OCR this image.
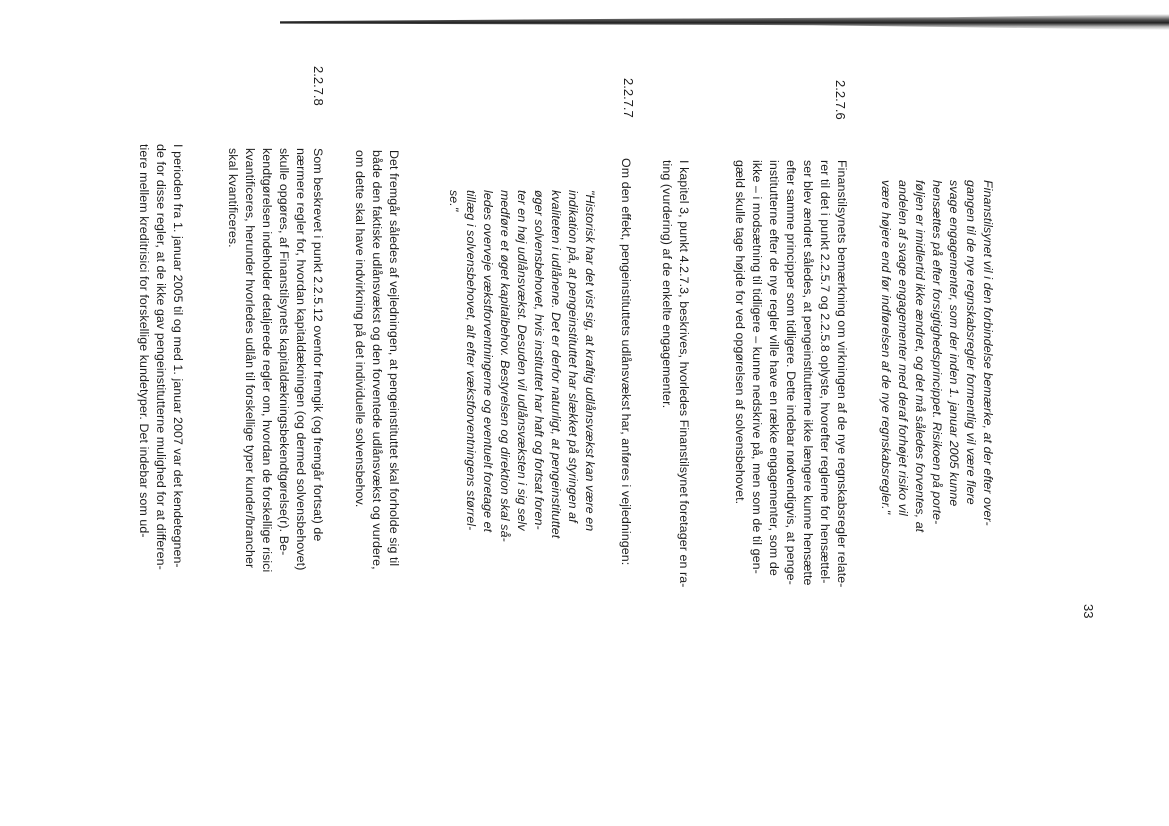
33
2.2.7.6
2.2.7.7
2.2.7.8

Finanstilsynet vil i den forbindelse bemærke, at der efter over-

gangen til de nye regnskabsregler formentlig vil være flere

svage engagementer, som der inden 1. januar 2005 kunne

hensættes på efter forsigtighedsprincippet. Risikoen på porte-

føljen er imidlertid ikke ændret, og det må således forventes, at

andelen af svage engagementer med deraf forhøjet risiko vil

være højere end før indførelsen af de nye regnskabsregler."

Finanstilsynets bemærkning om virkningen af de nye regnskabsregler relate-

rer til det i punkt 2.2.5.7 og 2.2.5.8 oplyste, hvorefter reglerne for hensættel-

ser blev ændret således, at pengeinstitutterne ikke længere kunne hensætte

efter samme principper som tidligere. Dette indebar nødvendigvis, at penge-

institutterne efter de nye regler ville have en række engagementer, som de

ikke – i modsætning til tidligere – kunne nedskrive på, men som de til gen-

gæld skulle tage højde for ved opgørelsen af solvensbehovet.

I kapitel 3, punkt 4.2.7.3, beskrives, hvorledes Finanstilsynet foretager en ra-

ting (vurdering) af de enkelte engagementer.

Om den effekt, pengeinstituttets udlånsvækst har, anføres i vejledningen:

"Historisk har det vist sig, at kraftig udlånsvækst kan være en

indikation på, at pengeinstituttet har slækket på styringen af

kvaliteten i udlånene. Det er derfor naturligt, at pengeinstituttet

øger solvensbehovet, hvis instituttet har haft og fortsat foren-

ter en høj udlånsvækst. Desuden vil udlånsvæksten i sig selv

medføre et øget kapitalbehov. Bestyrelsen og direktion skal så-

ledes overveje vækstforventningerne og eventuelt foretage et

tillæg i solvensbehovet, alt efter vækstforventningens størrel-

se."

Det fremgår således af vejledningen, at pengeinstituttet skal forholde sig til

både den faktiske udlånsvækst og den forventede udlånsvækst og vurdere,

om dette skal have indvirkning på det individuelle solvensbehov.

Som beskrevet i punkt 2.2.5.12 ovenfor fremgik (og fremgår fortsat) de

nærmere regler for, hvordan kapitaldækningen (og dermed solvensbehovet)

skulle opgøres, af Finanstilsynets kapitaldækningsbekendtgørelse(r). Be-

kendtgørelsen indeholder detaljerede regler om, hvordan de forskellige risici

kvantificeres, herunder hvorledes udlån til forskellige typer kunder/brancher

skal kvantificeres.

I perioden fra 1. januar 2005 til og med 1. januar 2007 var det kendetegnen-

de for disse regler, at de ikke gav pengeinstitutterne mulighed for at differen-

tiere mellem kreditrisici for forskellige kundetyper. Det indebar som ud-
